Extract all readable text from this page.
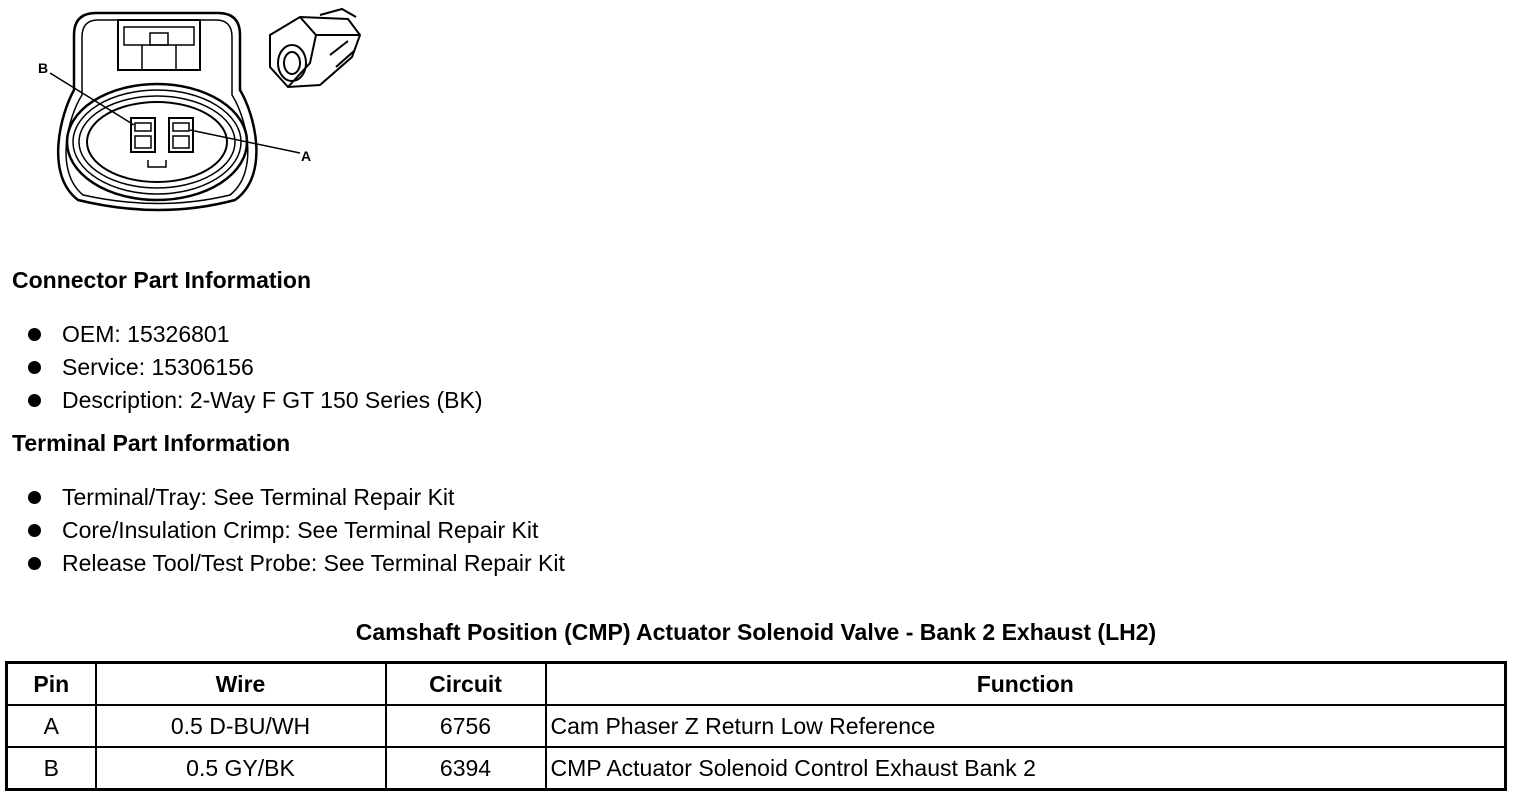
B
A
Connector Part Information
OEM: 15326801
Service: 15306156
Description: 2-Way F GT 150 Series (BK)
Terminal Part Information
Terminal/Tray: See Terminal Repair Kit
Core/Insulation Crimp: See Terminal Repair Kit
Release Tool/Test Probe: See Terminal Repair Kit
Camshaft Position (CMP) Actuator Solenoid Valve - Bank 2 Exhaust (LH2)
Pin	Wire	Circuit	Function
A	0.5 D-BU/WH	6756	Cam Phaser Z Return Low Reference
B	0.5 GY/BK	6394	CMP Actuator Solenoid Control Exhaust Bank 2
